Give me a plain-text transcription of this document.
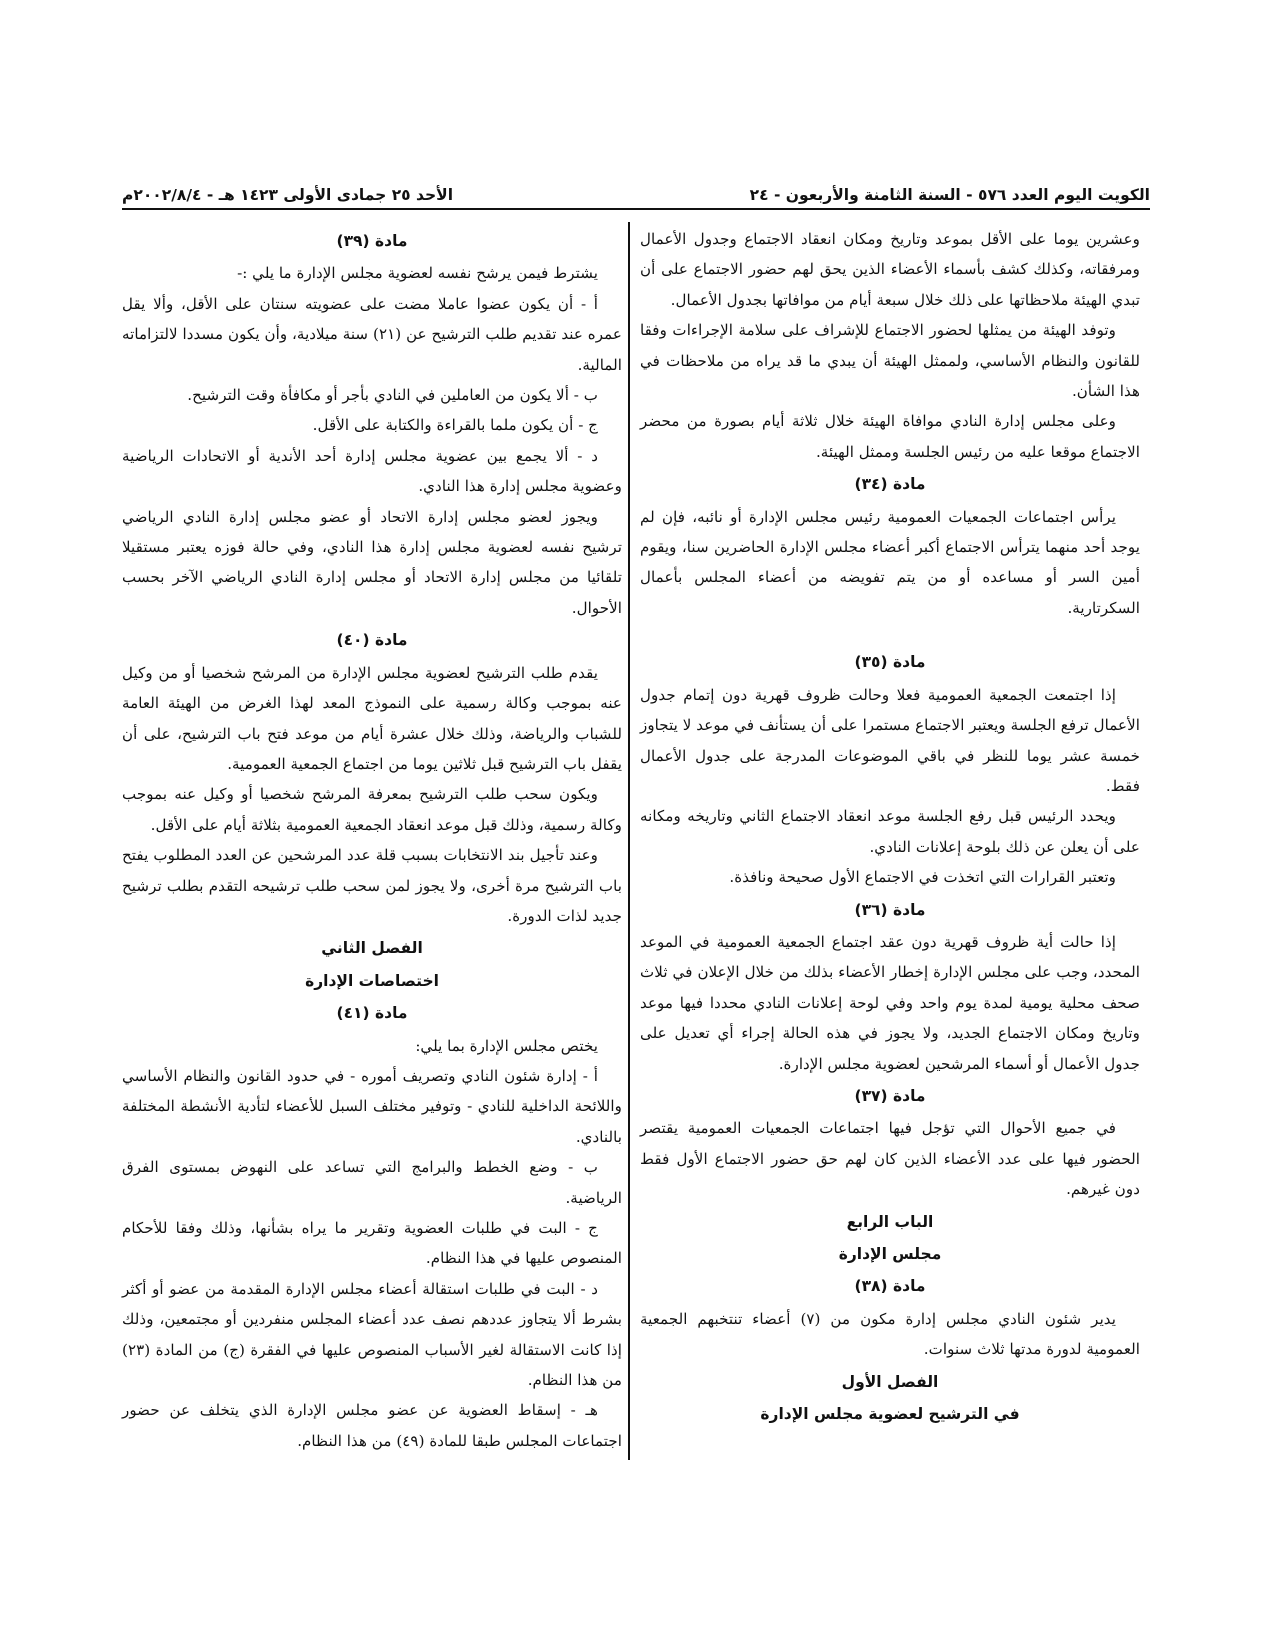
الكويت اليوم العدد ٥٧٦ - السنة الثامنة والأربعون - ٢٤
الأحد ٢٥ جمادى الأولى ١٤٢٣ هـ - ٢٠٠٢/٨/٤م

وعشرين يوما على الأقل بموعد وتاريخ ومكان انعقاد الاجتماع وجدول الأعمال ومرفقاته، وكذلك كشف بأسماء الأعضاء الذين يحق لهم حضور الاجتماع على أن تبدي الهيئة ملاحظاتها على ذلك خلال سبعة أيام من موافاتها بجدول الأعمال.

وتوفد الهيئة من يمثلها لحضور الاجتماع للإشراف على سلامة الإجراءات وفقا للقانون والنظام الأساسي، ولممثل الهيئة أن يبدي ما قد يراه من ملاحظات في هذا الشأن.

وعلى مجلس إدارة النادي موافاة الهيئة خلال ثلاثة أيام بصورة من محضر الاجتماع موقعا عليه من رئيس الجلسة وممثل الهيئة.

مادة (٣٤)

يرأس اجتماعات الجمعيات العمومية رئيس مجلس الإدارة أو نائبه، فإن لم يوجد أحد منهما يترأس الاجتماع أكبر أعضاء مجلس الإدارة الحاضرين سنا، ويقوم أمين السر أو مساعده أو من يتم تفويضه من أعضاء المجلس بأعمال السكرتارية.

مادة (٣٥)

إذا اجتمعت الجمعية العمومية فعلا وحالت ظروف قهرية دون إتمام جدول الأعمال ترفع الجلسة ويعتبر الاجتماع مستمرا على أن يستأنف في موعد لا يتجاوز خمسة عشر يوما للنظر في باقي الموضوعات المدرجة على جدول الأعمال فقط.

ويحدد الرئيس قبل رفع الجلسة موعد انعقاد الاجتماع الثاني وتاريخه ومكانه على أن يعلن عن ذلك بلوحة إعلانات النادي.

وتعتبر القرارات التي اتخذت في الاجتماع الأول صحيحة ونافذة.

مادة (٣٦)

إذا حالت أية ظروف قهرية دون عقد اجتماع الجمعية العمومية في الموعد المحدد، وجب على مجلس الإدارة إخطار الأعضاء بذلك من خلال الإعلان في ثلاث صحف محلية يومية لمدة يوم واحد وفي لوحة إعلانات النادي محددا فيها موعد وتاريخ ومكان الاجتماع الجديد، ولا يجوز في هذه الحالة إجراء أي تعديل على جدول الأعمال أو أسماء المرشحين لعضوية مجلس الإدارة.

مادة (٣٧)

في جميع الأحوال التي تؤجل فيها اجتماعات الجمعيات العمومية يقتصر الحضور فيها على عدد الأعضاء الذين كان لهم حق حضور الاجتماع الأول فقط دون غيرهم.

الباب الرابع
مجلس الإدارة
مادة (٣٨)

يدير شئون النادي مجلس إدارة مكون من (٧) أعضاء تنتخبهم الجمعية العمومية لدورة مدتها ثلاث سنوات.

الفصل الأول
في الترشيح لعضوية مجلس الإدارة
مادة (٣٩)

يشترط فيمن يرشح نفسه لعضوية مجلس الإدارة ما يلي :-

أ - أن يكون عضوا عاملا مضت على عضويته سنتان على الأقل، وألا يقل عمره عند تقديم طلب الترشيح عن (٢١) سنة ميلادية، وأن يكون مسددا لالتزاماته المالية.

ب - ألا يكون من العاملين في النادي بأجر أو مكافأة وقت الترشيح.

ج - أن يكون ملما بالقراءة والكتابة على الأقل.

د - ألا يجمع بين عضوية مجلس إدارة أحد الأندية أو الاتحادات الرياضية وعضوية مجلس إدارة هذا النادي.

ويجوز لعضو مجلس إدارة الاتحاد أو عضو مجلس إدارة النادي الرياضي ترشيح نفسه لعضوية مجلس إدارة هذا النادي، وفي حالة فوزه يعتبر مستقيلا تلقائيا من مجلس إدارة الاتحاد أو مجلس إدارة النادي الرياضي الآخر بحسب الأحوال.

مادة (٤٠)

يقدم طلب الترشيح لعضوية مجلس الإدارة من المرشح شخصيا أو من وكيل عنه بموجب وكالة رسمية على النموذج المعد لهذا الغرض من الهيئة العامة للشباب والرياضة، وذلك خلال عشرة أيام من موعد فتح باب الترشيح، على أن يقفل باب الترشيح قبل ثلاثين يوما من اجتماع الجمعية العمومية.

ويكون سحب طلب الترشيح بمعرفة المرشح شخصيا أو وكيل عنه بموجب وكالة رسمية، وذلك قبل موعد انعقاد الجمعية العمومية بثلاثة أيام على الأقل.

وعند تأجيل بند الانتخابات بسبب قلة عدد المرشحين عن العدد المطلوب يفتح باب الترشيح مرة أخرى، ولا يجوز لمن سحب طلب ترشيحه التقدم بطلب ترشيح جديد لذات الدورة.

الفصل الثاني
اختصاصات الإدارة
مادة (٤١)

يختص مجلس الإدارة بما يلي:

أ - إدارة شئون النادي وتصريف أموره - في حدود القانون والنظام الأساسي واللائحة الداخلية للنادي - وتوفير مختلف السبل للأعضاء لتأدية الأنشطة المختلفة بالنادي.

ب - وضع الخطط والبرامج التي تساعد على النهوض بمستوى الفرق الرياضية.

ج - البت في طلبات العضوية وتقرير ما يراه بشأنها، وذلك وفقا للأحكام المنصوص عليها في هذا النظام.

د - البت في طلبات استقالة أعضاء مجلس الإدارة المقدمة من عضو أو أكثر بشرط ألا يتجاوز عددهم نصف عدد أعضاء المجلس منفردين أو مجتمعين، وذلك إذا كانت الاستقالة لغير الأسباب المنصوص عليها في الفقرة (ج) من المادة (٢٣) من هذا النظام.

هـ - إسقاط العضوية عن عضو مجلس الإدارة الذي يتخلف عن حضور اجتماعات المجلس طبقا للمادة (٤٩) من هذا النظام.
